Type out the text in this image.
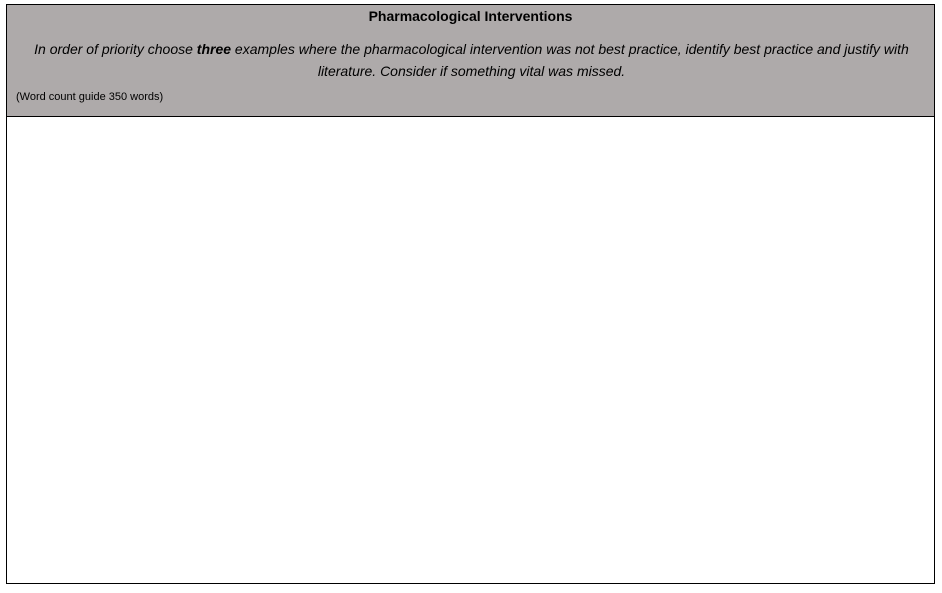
Pharmacological Interventions
In order of priority choose three examples where the pharmacological intervention was not best practice, identify best practice and justify with literature. Consider if something vital was missed.
(Word count guide 350 words)
